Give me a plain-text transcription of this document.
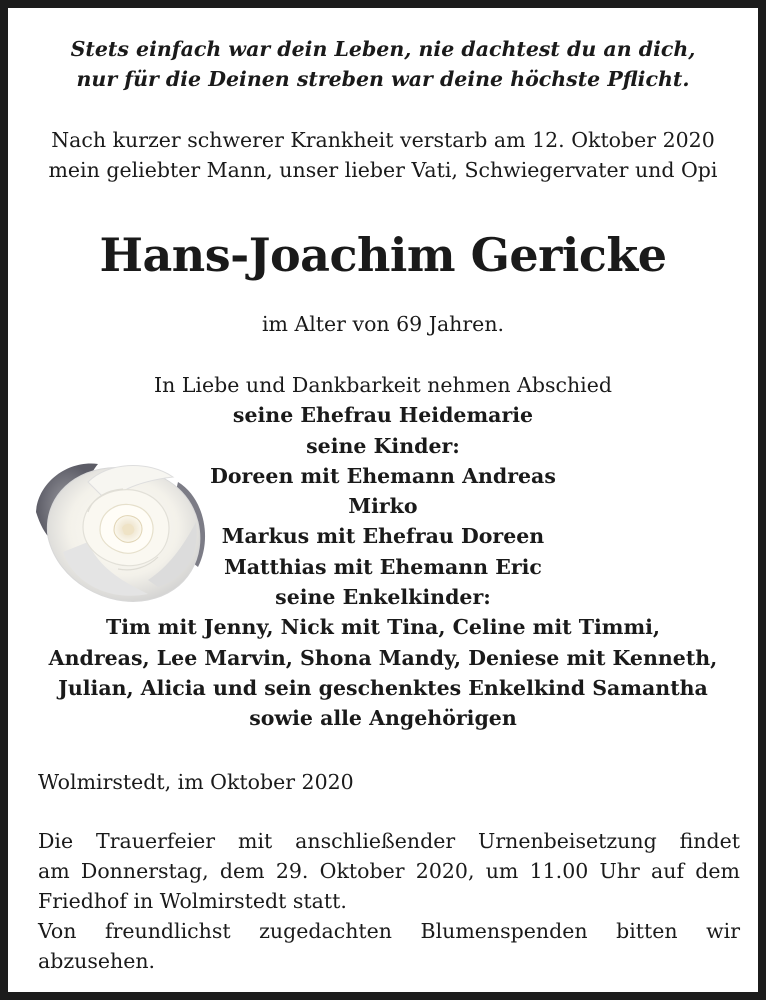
Stets einfach war dein Leben, nie dachtest du an dich,
nur für die Deinen streben war deine höchste Pflicht.
Nach kurzer schwerer Krankheit verstarb am 12. Oktober 2020
mein geliebter Mann, unser lieber Vati, Schwiegervater und Opi
Hans-Joachim Gericke
im Alter von 69 Jahren.
In Liebe und Dankbarkeit nehmen Abschied
seine Ehefrau Heidemarie
seine Kinder:
Doreen mit Ehemann Andreas
Mirko
Markus mit Ehefrau Doreen
Matthias mit Ehemann Eric
seine Enkelkinder:
Tim mit Jenny, Nick mit Tina, Celine mit Timmi,
Andreas, Lee Marvin, Shona Mandy, Deniese mit Kenneth,
Julian, Alicia und sein geschenktes Enkelkind Samantha
sowie alle Angehörigen
Wolmirstedt, im Oktober 2020

Die Trauerfeier mit anschließender Urnenbeisetzung findet

am Donnerstag, dem 29. Oktober 2020, um 11.00 Uhr auf dem

Friedhof in Wolmirstedt statt.

Von freundlichst zugedachten Blumenspenden bitten wir

abzusehen.
